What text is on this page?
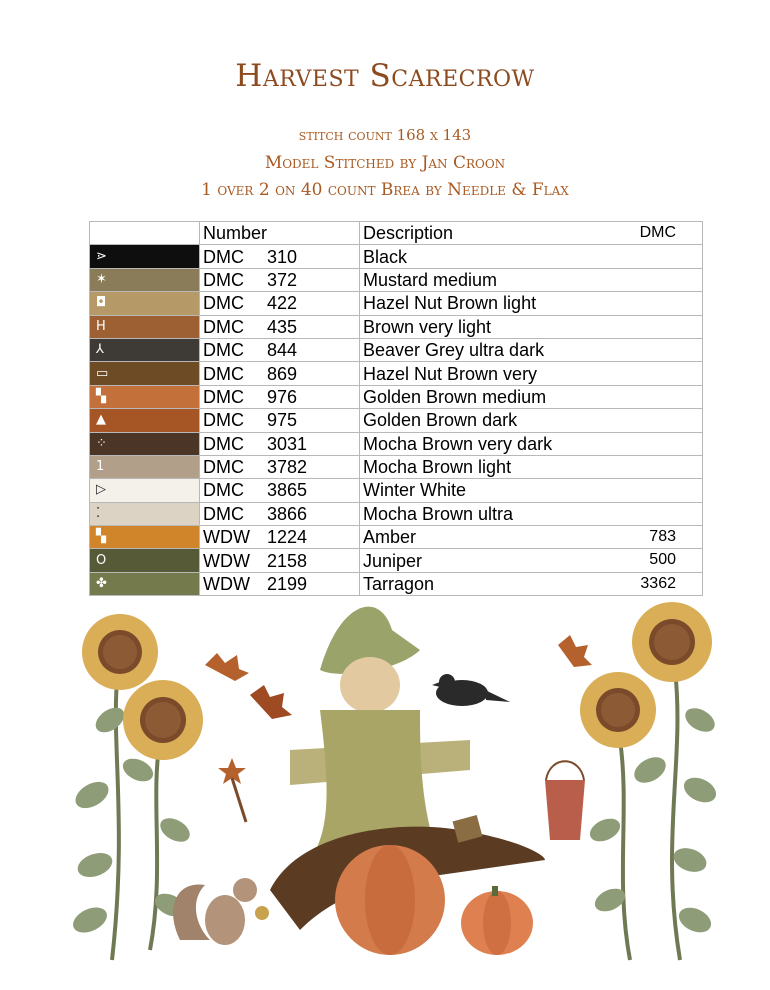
Harvest Scarecrow
stitch count 168 x 143
Model Stitched by Jan Croon
1 over 2 on 40 count Brea by Needle & Flax
	Number	Description DMC

⋗	DMC 310	Black

✶	DMC 372	Mustard medium

◘	DMC 422	Hazel Nut Brown light

H	DMC 435	Brown very light

⅄	DMC 844	Beaver Grey ultra dark

▭	DMC 869	Hazel Nut Brown very

▚	DMC 976	Golden Brown medium

▲	DMC 975	Golden Brown dark

⁘	DMC 3031	Mocha Brown very dark

1	DMC 3782	Mocha Brown light

▷	DMC 3865	Winter White

⁚	DMC 3866	Mocha Brown ultra

▚	WDW 1224	Amber 783

O	WDW 2158	Juniper 500

✤	WDW 2199	Tarragon 3362
